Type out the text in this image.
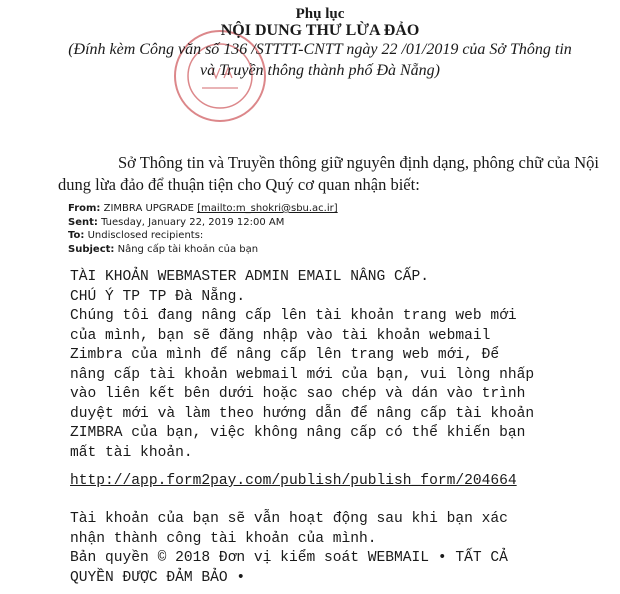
Phụ lục
NỘI DUNG THƯ LỪA ĐẢO
(Đính kèm Công văn số 136 /STTTT-CNTT ngày 22 /01/2019 của Sở Thông tin
và Truyền thông thành phố Đà Nẵng)
Sở Thông tin và Truyền thông giữ nguyên định dạng, phông chữ của Nội dung lừa đảo để thuận tiện cho Quý cơ quan nhận biết:
From: ZIMBRA UPGRADE [mailto:m_shokri@sbu.ac.ir]
Sent: Tuesday, January 22, 2019 12:00 AM
To: Undisclosed recipients:
Subject: Nâng cấp tài khoản của bạn
TÀI KHOẢN WEBMASTER ADMIN EMAIL NÂNG CẤP.
CHÚ Ý TP TP Đà Nẵng.
Chúng tôi đang nâng cấp lên tài khoản trang web mới
của mình, bạn sẽ đăng nhập vào tài khoản webmail
Zimbra của mình để nâng cấp lên trang web mới, Để
nâng cấp tài khoản webmail mới của bạn, vui lòng nhấp
vào liên kết bên dưới hoặc sao chép và dán vào trình
duyệt mới và làm theo hướng dẫn để nâng cấp tài khoản
ZIMBRA của bạn, việc không nâng cấp có thể khiến bạn
mất tài khoản.
http://app.form2pay.com/publish/publish_form/204664
Tài khoản của bạn sẽ vẫn hoạt động sau khi bạn xác
nhận thành công tài khoản của mình.
Bản quyền © 2018 Đơn vị kiểm soát WEBMAIL • TẤT CẢ
QUYỀN ĐƯỢC ĐẢM BẢO •
